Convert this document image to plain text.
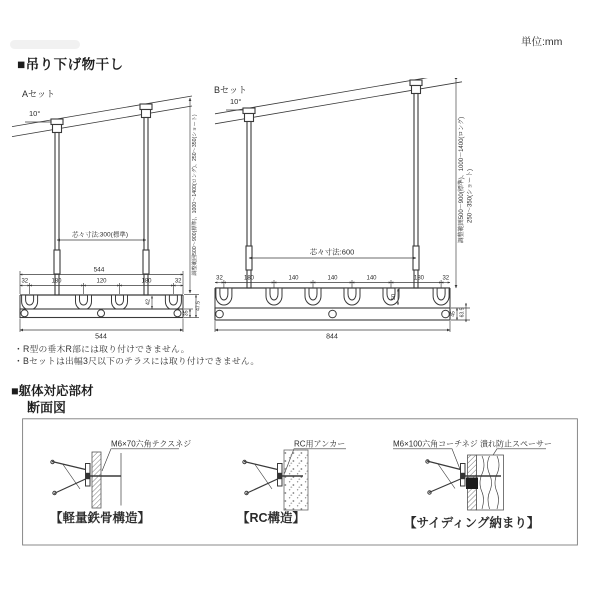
単位:mm
■吊り下げ物干し
Aセット
10°
芯々寸法:300(標準)	調整範囲500～900(標準)、1000～1400(ロング)、250～350(ショート)
544
32	180	120	180	32
42	47.5
35
544
Bセット
10°
芯々寸法:600
調整範囲500～900(標準)、1000～1400(ロング) 250～350(ショート)
32	180	140	140	140	180	32
50
45 63.5
844
・R型の垂木R部には取り付けできません。
・Bセットは出幅3尺以下のテラスには取り付けできません。
■躯体対応部材
断面図
M6×70六角テクスネジ
【軽量鉄骨構造】
RC用アンカー
【RC構造】
M6×100六角コーチネジ 潰れ防止スペーサー
【サイディング納まり】
